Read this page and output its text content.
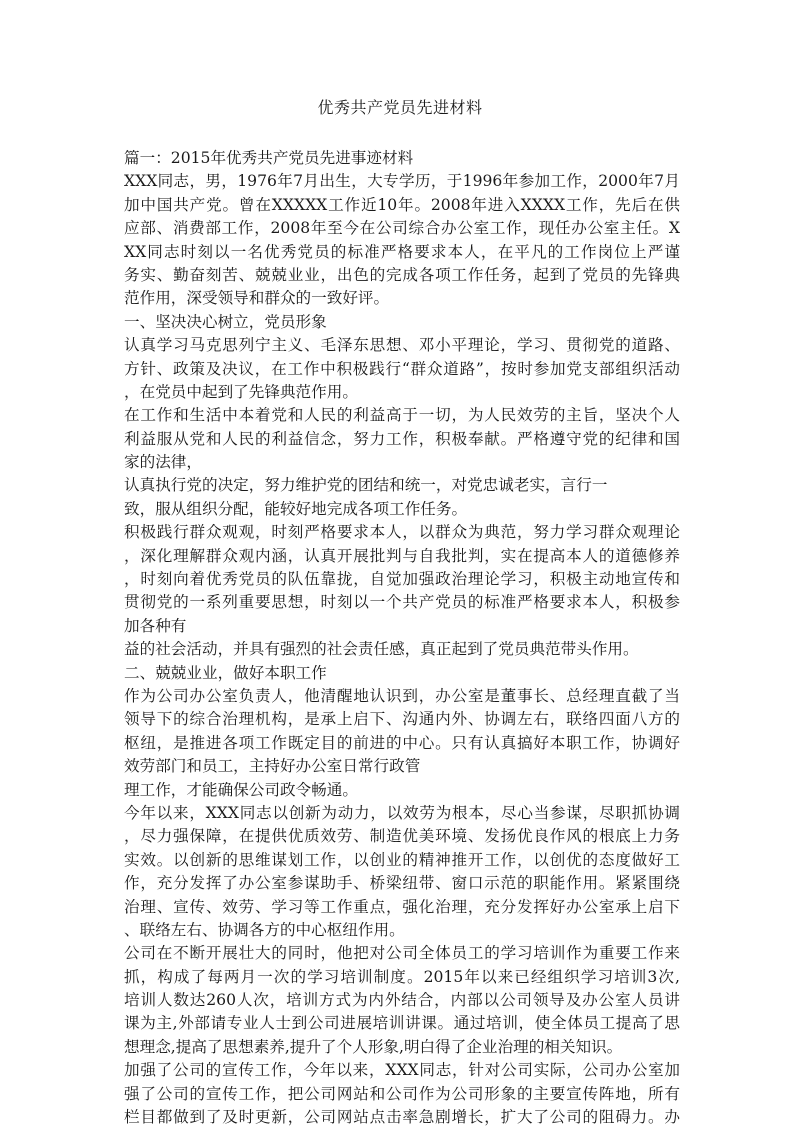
优秀共产党员先进材料
篇一：2015年优秀共产党员先进事迹材料
XXX同志，男，1976年7月出生，大专学历，于1996年参加工作，2000年7月
加中国共产党。曾在XXXXX工作近10年。2008年进入XXXX工作，先后在供
应部、消费部工作，2008年至今在公司综合办公室工作，现任办公室主任。X
XX同志时刻以一名优秀党员的标准严格要求本人，在平凡的工作岗位上严谨
务实、勤奋刻苦、兢兢业业，出色的完成各项工作任务，起到了党员的先锋典
范作用，深受领导和群众的一致好评。
一、坚决决心树立，党员形象
认真学习马克思列宁主义、毛泽东思想、邓小平理论，学习、贯彻党的道路、
方针、政策及决议，在工作中积极践行“群众道路”，按时参加党支部组织活动
，在党员中起到了先锋典范作用。
在工作和生活中本着党和人民的利益高于一切，为人民效劳的主旨，坚决个人
利益服从党和人民的利益信念，努力工作，积极奉献。严格遵守党的纪律和国
家的法律，
认真执行党的决定，努力维护党的团结和统一，对党忠诚老实，言行一
致，服从组织分配，能较好地完成各项工作任务。
积极践行群众观观，时刻严格要求本人，以群众为典范，努力学习群众观理论
，深化理解群众观内涵，认真开展批判与自我批判，实在提高本人的道德修养
，时刻向着优秀党员的队伍靠拢，自觉加强政治理论学习，积极主动地宣传和
贯彻党的一系列重要思想，时刻以一个共产党员的标准严格要求本人，积极参
加各种有
益的社会活动，并具有强烈的社会责任感，真正起到了党员典范带头作用。
二、兢兢业业，做好本职工作
作为公司办公室负责人，他清醒地认识到，办公室是董事长、总经理直截了当
领导下的综合治理机构，是承上启下、沟通内外、协调左右，联络四面八方的
枢纽，是推进各项工作既定目的前进的中心。只有认真搞好本职工作，协调好
效劳部门和员工，主持好办公室日常行政管
理工作，才能确保公司政令畅通。
今年以来，XXX同志以创新为动力，以效劳为根本，尽心当参谋，尽职抓协调
，尽力强保障，在提供优质效劳、制造优美环境、发扬优良作风的根底上力务
实效。以创新的思维谋划工作，以创业的精神推开工作，以创优的态度做好工
作，充分发挥了办公室参谋助手、桥梁纽带、窗口示范的职能作用。紧紧围绕
治理、宣传、效劳、学习等工作重点，强化治理，充分发挥好办公室承上启下
、联络左右、协调各方的中心枢纽作用。
公司在不断开展壮大的同时，他把对公司全体员工的学习培训作为重要工作来
抓，构成了每两月一次的学习培训制度。2015年以来已经组织学习培训3次,
培训人数达260人次，培训方式为内外结合，内部以公司领导及办公室人员讲
课为主,外部请专业人士到公司进展培训讲课。通过培训，使全体员工提高了思
想理念,提高了思想素养,提升了个人形象,明白得了企业治理的相关知识。
加强了公司的宣传工作，今年以来，XXX同志，针对公司实际，公司办公室加
强了公司的宣传工作，把公司网站和公司作为公司形象的主要宣传阵地，所有
栏目都做到了及时更新，公司网站点击率急剧增长，扩大了公司的阻碍力。办
